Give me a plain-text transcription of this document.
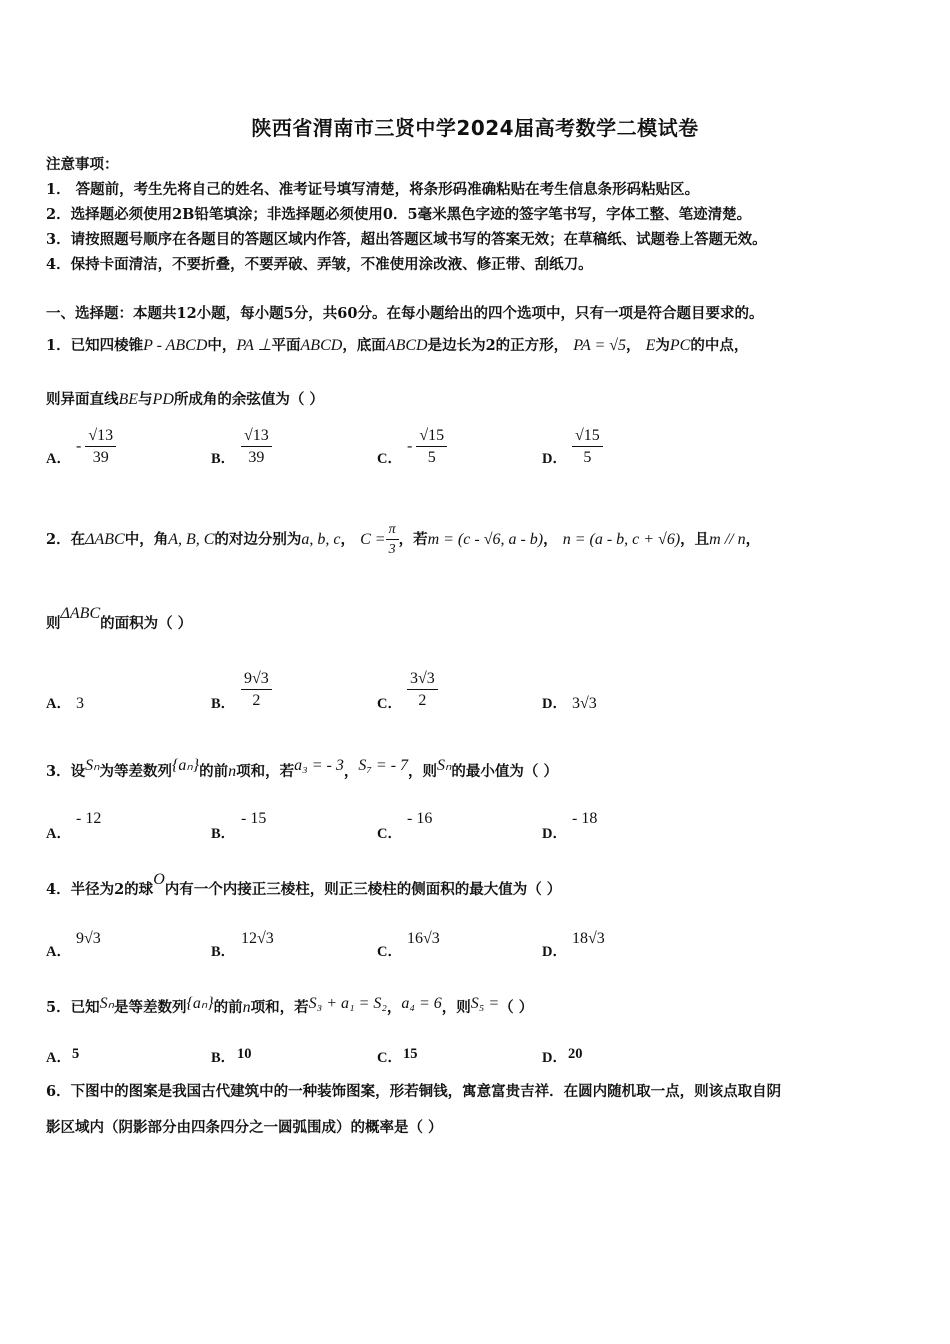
陕西省渭南市三贤中学2024届高考数学二模试卷
注意事项：
1． 答题前，考生先将自己的姓名、准考证号填写清楚，将条形码准确粘贴在考生信息条形码粘贴区。
2．选择题必须使用2B铅笔填涂；非选择题必须使用0．5毫米黑色字迹的签字笔书写，字体工整、笔迹清楚。
3．请按照题号顺序在各题目的答题区域内作答，超出答题区域书写的答案无效；在草稿纸、试题卷上答题无效。
4．保持卡面清洁，不要折叠，不要弄破、弄皱，不准使用涂改液、修正带、刮纸刀。
一、选择题：本题共12小题，每小题5分，共60分。在每小题给出的四个选项中，只有一项是符合题目要求的。
1．已知四棱锥P - ABCD中，PA ⊥平面ABCD，底面ABCD是边长为2的正方形， PA = √5， E为PC的中点，
则异面直线BE与PD所成角的余弦值为（ ）
A．
- $\frac{√13}{39}$	B． $\frac{√13}{39}$	C．
- $\frac{√15}{5}$	D． $\frac{√15}{5}$
2．在ΔABC中，角A, B, C的对边分别为a, b, c， $C = \frac{\pi}{3}$ ，若m = (c - √6, a - b)， n = (a - b, c + √6)，且m // n，
则ΔABC的面积为（ ）
A． 3	B． $\frac{9√3}{2}$	C． $\frac{3√3}{2}$	D． 3√3
3．设Sₙ为等差数列{aₙ}的前n项和，若a₃ = - 3，S₇ = - 7，则Sₙ的最小值为（ ）
A．
- 12
B．
- 15
C．
- 16
D．
- 18
4．半径为2的球O内有一个内接正三棱柱，则正三棱柱的侧面积的最大值为（ ）
A．
9√3
B．
12√3
C．
16√3
D．
18√3
5．已知Sₙ是等差数列{aₙ}的前n项和，若S₃ + a₁ = S₂，a₄ = 6，则S₅ =（ ）
A． 5	B． 10	C． 15	D． 20
6．下图中的图案是我国古代建筑中的一种装饰图案，形若铜钱，寓意富贵吉祥．在圆内随机取一点，则该点取自阴
影区域内（阴影部分由四条四分之一圆弧围成）的概率是（ ）
